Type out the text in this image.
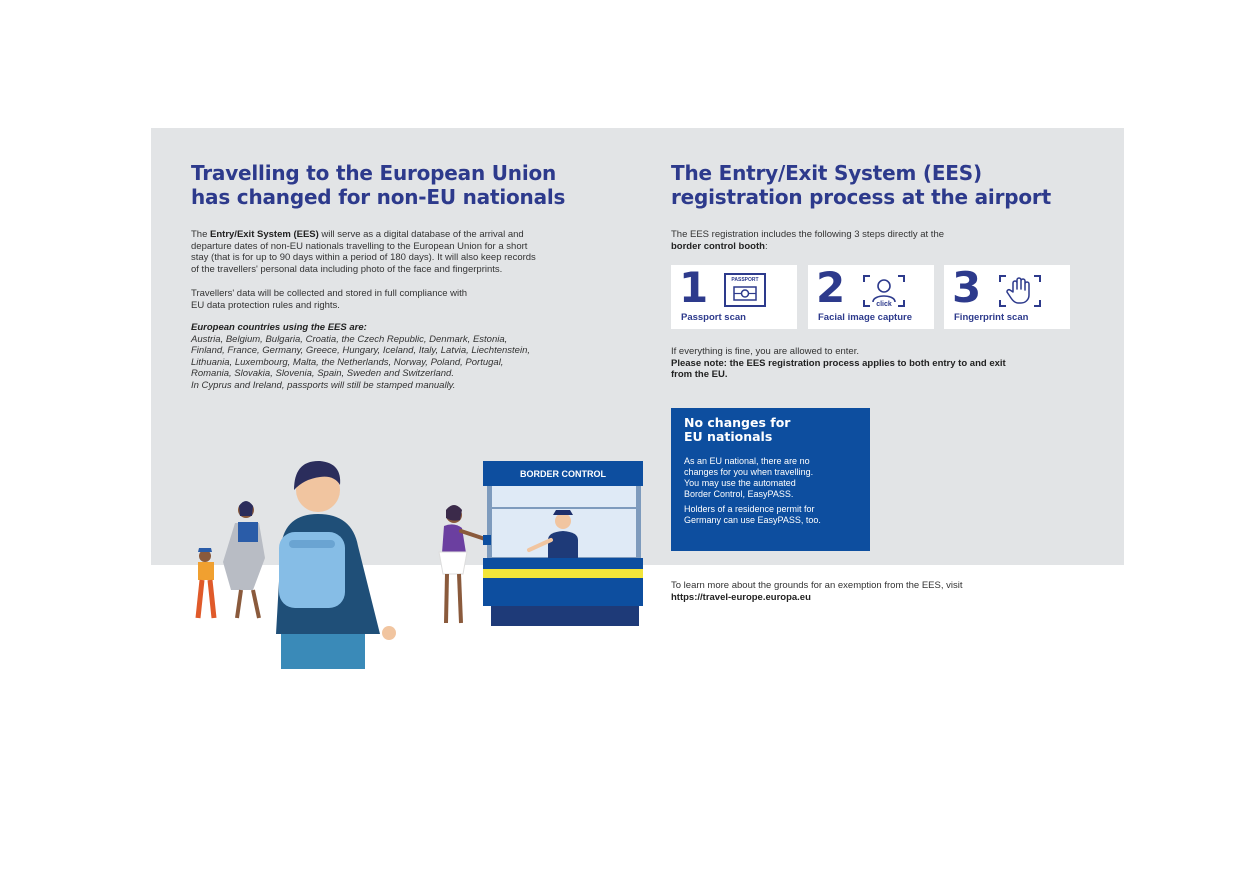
Travelling to the European Union
has changed for non-EU nationals
The Entry/Exit System (EES) will serve as a digital database of the arrival and
departure dates of non-EU nationals travelling to the European Union for a short
stay (that is for up to 90 days within a period of 180 days). It will also keep records
of the travellers' personal data including photo of the face and fingerprints.
Travellers' data will be collected and stored in full compliance with
EU data protection rules and rights.
European countries using the EES are:
Austria, Belgium, Bulgaria, Croatia, the Czech Republic, Denmark, Estonia,
Finland, France, Germany, Greece, Hungary, Iceland, Italy, Latvia, Liechtenstein,
Lithuania, Luxembourg, Malta, the Netherlands, Norway, Poland, Portugal,
Romania, Slovakia, Slovenia, Spain, Sweden and Switzerland.
In Cyprus and Ireland, passports will still be stamped manually.
The Entry/Exit System (EES)
registration process at the airport
The EES registration includes the following 3 steps directly at the
border control booth:
1	PASSPORT
Passport scan
2	click
Facial image capture
3
Fingerprint scan
If everything is fine, you are allowed to enter.
Please note: the EES registration process applies to both entry to and exit
from the EU.
No changes for
EU nationals
As an EU national, there are no
changes for you when travelling.
You may use the automated
Border Control, EasyPASS.
Holders of a residence permit for
Germany can use EasyPASS, too.
To learn more about the grounds for an exemption from the EES, visit
https://travel-europe.europa.eu
BORDER CONTROL
